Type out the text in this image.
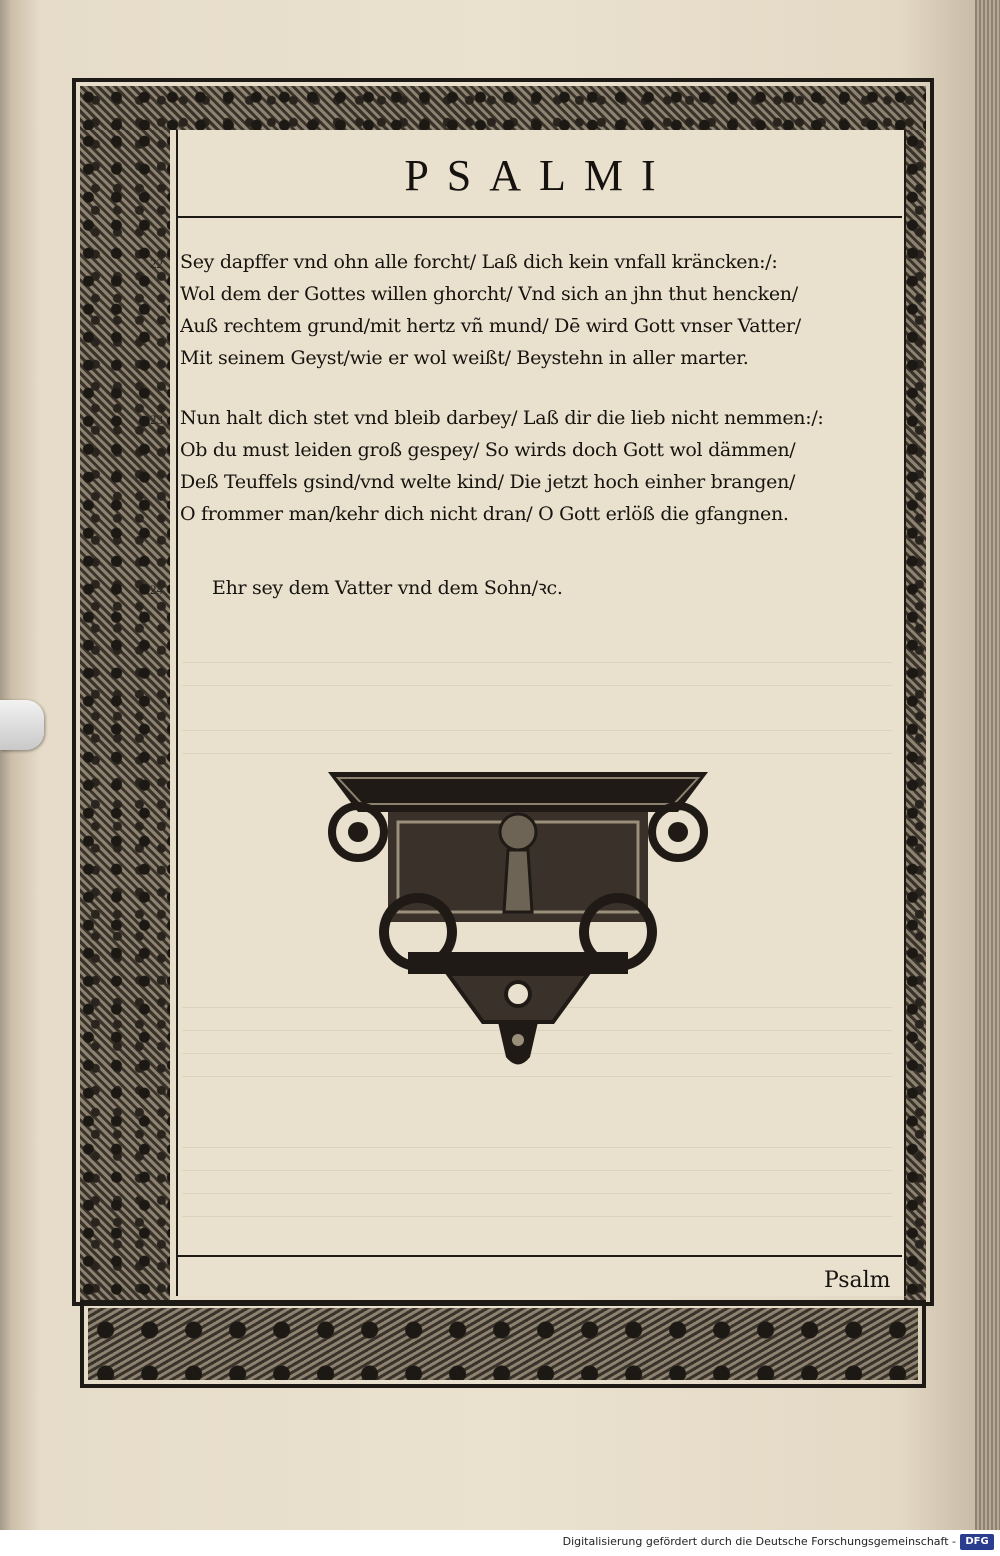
PSALMI
22 Sey dapffer vnd ohn alle forcht/ Laß dich kein vnfall kräncken:/:
Wol dem der Gottes willen ghorcht/ Vnd sich an jhn thut hencken/
Auß rechtem grund/mit hertz vñ mund/ Dē wird Gott vnser Vatter/
Mit seinem Geyst/wie er wol weißt/ Beystehn in aller marter.
23 Nun halt dich stet vnd bleib darbey/ Laß dir die lieb nicht nemmen:/:
Ob du must leiden groß gespey/ So wirds doch Gott wol dämmen/
Deß Teuffels gsind/vnd welte kind/ Die jetzt hoch einher brangen/
O frommer man/kehr dich nicht dran/ O Gott erlöß die gfangnen.
24	Ehr sey dem Vatter vnd dem Sohn/ꝛc.
Psalm
Digitalisierung gefördert durch die Deutsche Forschungsgemeinschaft - DFG
